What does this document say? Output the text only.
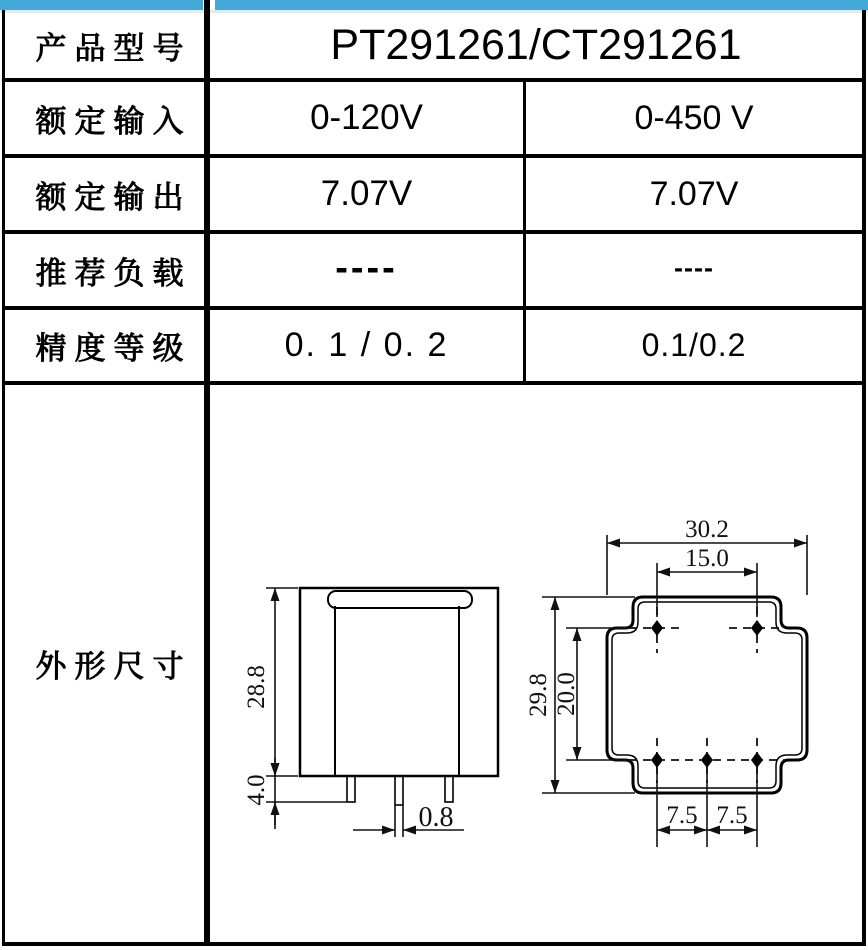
产品型号	PT291261/CT291261
额定输入	0-120V	0-450 V
额定输出	7.07V	7.07V
推荐负载	----	----
精度等级	0. 1 / 0. 2	0.1/0.2
外形尺寸	28.8
4.0
0.8
30.2
15.0
29.8 20.0
7.5 7.5
